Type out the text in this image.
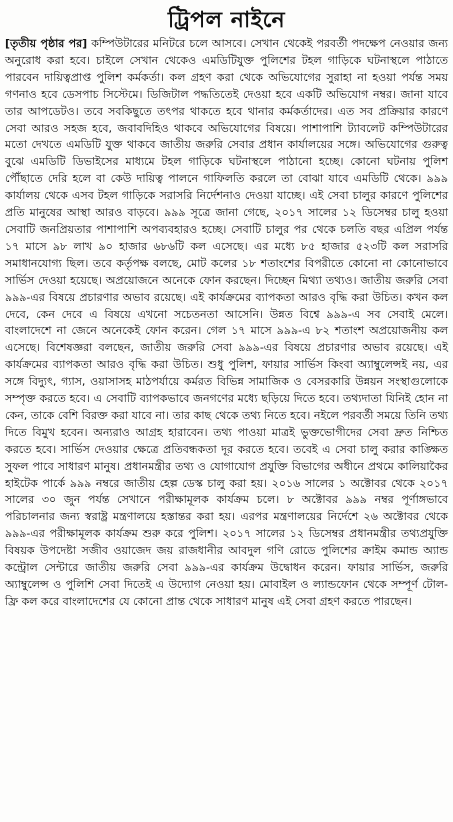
ট্রিপল নাইনে

[তৃতীয় পৃষ্ঠার পর] কম্পিউটারের মনিটরে চলে আসবে। সেখান থেকেই পরবর্তী পদক্ষেপ নেওয়ার জন্য অনুরোধ করা হবে। চাইলে সেখান থেকেও এমডিটিযুক্ত পুলিশের টহল গাড়িকে ঘটনাস্থলে পাঠাতে পারবেন দায়িত্বপ্রাপ্ত পুলিশ কর্মকর্তা। কল গ্রহণ করা থেকে অভিযোগের সুরাহা না হওয়া পর্যন্ত সময় গণনাও হবে ডেসপাচ সিস্টেমে। ডিজিটাল পদ্ধতিতেই দেওয়া হবে একটি অভিযোগ নম্বর। জানা যাবে তার আপডেটও। তবে সবকিছুতে তৎপর থাকতে হবে থানার কর্মকর্তাদের। এত সব প্রক্রিয়ার কারণে সেবা আরও সহজ হবে, জবাবদিহিও থাকবে অভিযোগের বিষয়ে। পাশাপাশি ট্যাবলেট কম্পিউটারের মতো দেখতে এমডিটি যুক্ত থাকবে জাতীয় জরুরি সেবার প্রধান কার্যালয়ের সঙ্গে। অভিযোগের গুরুত্ব বুঝে এমডিটি ডিভাইসের মাধ্যমে টহল গাড়িকে ঘটনাস্থলে পাঠানো হচ্ছে। কোনো ঘটনায় পুলিশ পৌঁছাতে দেরি হলে বা কেউ দায়িত্ব পালনে গাফিলতি করলে তা বোঝা যাবে এমডিটি থেকে। ৯৯৯ কার্যালয় থেকে এসব টহল গাড়িকে সরাসরি নির্দেশনাও দেওয়া যাচ্ছে। এই সেবা চালুর কারণে পুলিশের প্রতি মানুষের আস্থা আরও বাড়বে। ৯৯৯ সূত্রে জানা গেছে, ২০১৭ সালের ১২ ডিসেম্বর চালু হওয়া সেবাটি জনপ্রিয়তার পাশাপাশি অপব্যবহারও হচ্ছে। সেবাটি চালুর পর থেকে চলতি বছর এপ্রিল পর্যন্ত ১৭ মাসে ৯৮ লাখ ৯০ হাজার ৬৮৬টি কল এসেছে। এর মধ্যে ৮৫ হাজার ৫২৩টি কল সরাসরি সমাধানযোগ্য ছিল। তবে কর্তৃপক্ষ বলছে, মোট কলের ১৮ শতাংশের বিপরীতে কোনো না কোনোভাবে সার্ভিস দেওয়া হয়েছে। অপ্রয়োজনে অনেকে ফোন করছেন। দিচ্ছেন মিথ্যা তথ্যও। জাতীয় জরুরি সেবা ৯৯৯-এর বিষয়ে প্রচারণার অভাব রয়েছে। এই কার্যক্রমের ব্যাপকতা আরও বৃদ্ধি করা উচিত। কখন কল দেবে, কেন দেবে এ বিষয়ে এখনো সচেতনতা আসেনি। উন্নত বিশ্বে ৯৯৯-এ সব সেবাই মেলে। বাংলাদেশে না জেনে অনেকেই ফোন করেন। গেল ১৭ মাসে ৯৯৯-এ ৮২ শতাংশ অপ্রয়োজনীয় কল এসেছে। বিশেষজ্ঞরা বলছেন, জাতীয় জরুরি সেবা ৯৯৯-এর বিষয়ে প্রচারণার অভাব রয়েছে। এই কার্যক্রমের ব্যাপকতা আরও বৃদ্ধি করা উচিত। শুধু পুলিশ, ফায়ার সার্ভিস কিংবা অ্যাম্বুলেন্সই নয়, এর সঙ্গে বিদ্যুৎ, গ্যাস, ওয়াসাসহ মাঠপর্যায়ে কর্মরত বিভিন্ন সামাজিক ও বেসরকারি উন্নয়ন সংস্থাগুলোকে সম্পৃক্ত করতে হবে। এ সেবাটি ব্যাপকভাবে জনগণের মধ্যে ছড়িয়ে দিতে হবে। তথ্যদাতা যিনিই হোন না কেন, তাকে বেশি বিরক্ত করা যাবে না। তার কাছ থেকে তথ্য নিতে হবে। নইলে পরবর্তী সময়ে তিনি তথ্য দিতে বিমুখ হবেন। অন্যরাও আগ্রহ হারাবেন। তথ্য পাওয়া মাত্রই ভুক্তভোগীদের সেবা দ্রুত নিশ্চিত করতে হবে। সার্ভিস দেওয়ার ক্ষেত্রে প্রতিবন্ধকতা দূর করতে হবে। তবেই এ সেবা চালু করার কাঙ্ক্ষিত সুফল পাবে সাধারণ মানুষ। প্রধানমন্ত্রীর তথ্য ও যোগাযোগ প্রযুক্তি বিভাগের অধীনে প্রথমে কালিয়াকৈর হাইটেক পার্কে ৯৯৯ নম্বরে জাতীয় হেল্প ডেস্ক চালু করা হয়। ২০১৬ সালের ১ অক্টোবর থেকে ২০১৭ সালের ৩০ জুন পর্যন্ত সেখানে পরীক্ষামূলক কার্যক্রম চলে। ৮ অক্টোবর ৯৯৯ নম্বর পূর্ণাঙ্গভাবে পরিচালনার জন্য স্বরাষ্ট্র মন্ত্রণালয়ে হস্তান্তর করা হয়। এরপর মন্ত্রণালয়ের নির্দেশে ২৬ অক্টোবর থেকে ৯৯৯-এর পরীক্ষামূলক কার্যক্রম শুরু করে পুলিশ। ২০১৭ সালের ১২ ডিসেম্বর প্রধানমন্ত্রীর তথ্যপ্রযুক্তি বিষয়ক উপদেষ্টা সজীব ওয়াজেদ জয় রাজধানীর আবদুল গণি রোডে পুলিশের ক্রাইম কমান্ড অ্যান্ড কন্ট্রোল সেন্টারে জাতীয় জরুরি সেবা ৯৯৯-এর কার্যক্রম উদ্বোধন করেন। ফায়ার সার্ভিস, জরুরি অ্যাম্বুলেন্স ও পুলিশি সেবা দিতেই এ উদ্যোগ নেওয়া হয়। মোবাইল ও ল্যান্ডফোন থেকে সম্পূর্ণ টোল-ফ্রি কল করে বাংলাদেশের যে কোনো প্রান্ত থেকে সাধারণ মানুষ এই সেবা গ্রহণ করতে পারছেন।
